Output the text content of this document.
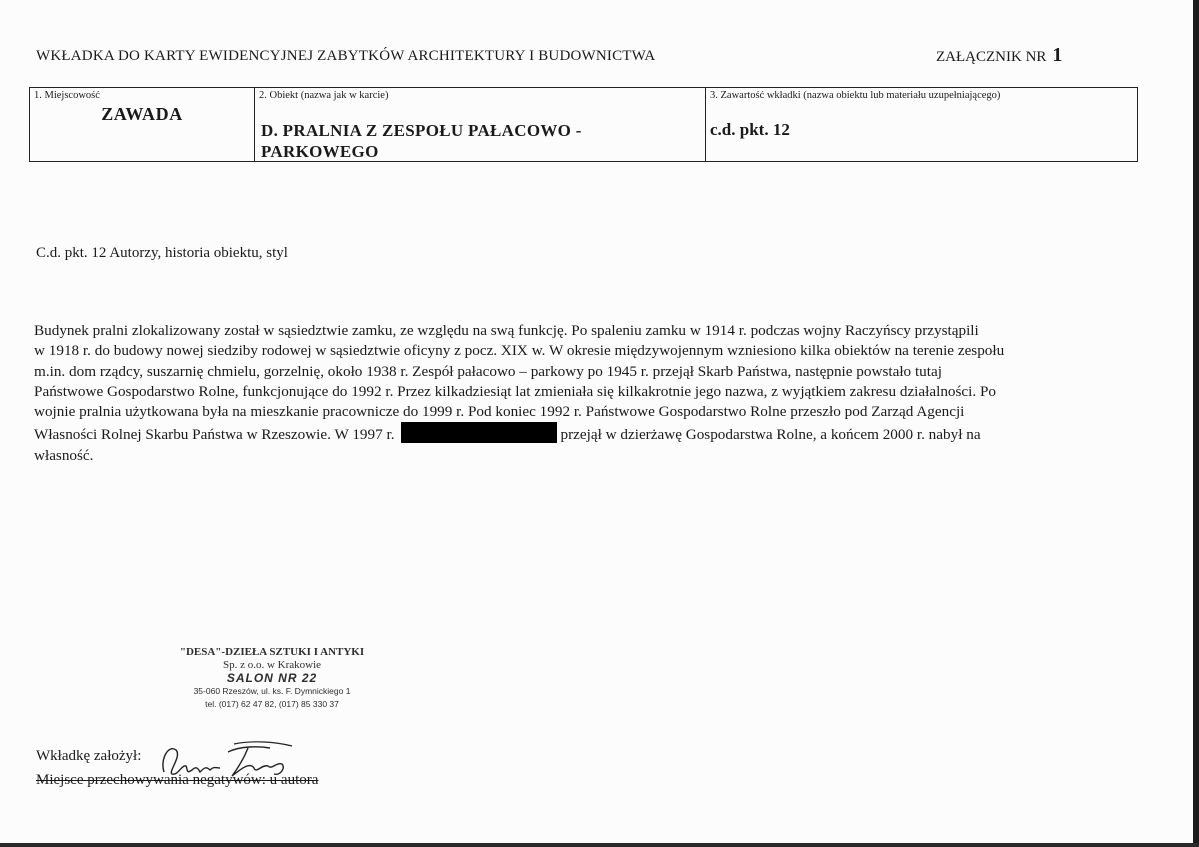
WKŁADKA DO KARTY EWIDENCYJNEJ ZABYTKÓW ARCHITEKTURY I BUDOWNICTWA	ZAŁĄCZNIK NR 1
1. Miejscowość
ZAWADA
2. Obiekt (nazwa jak w karcie)
D. PRALNIA Z ZESPOŁU PAŁACOWO - PARKOWEGO
3. Zawartość wkładki (nazwa obiektu lub materiału uzupełniającego)
c.d. pkt. 12
C.d. pkt. 12 Autorzy, historia obiektu, styl
Budynek pralni zlokalizowany został w sąsiedztwie zamku, ze względu na swą funkcję. Po spaleniu zamku w 1914 r. podczas wojny Raczyńscy przystąpili
w 1918 r. do budowy nowej siedziby rodowej w sąsiedztwie oficyny z pocz. XIX w. W okresie międzywojennym wzniesiono kilka obiektów na terenie zespołu
m.in. dom rządcy, suszarnię chmielu, gorzelnię, około 1938 r. Zespół pałacowo – parkowy po 1945 r. przejął Skarb Państwa, następnie powstało tutaj
Państwowe Gospodarstwo Rolne, funkcjonujące do 1992 r. Przez kilkadziesiąt lat zmieniała się kilkakrotnie jego nazwa, z wyjątkiem zakresu działalności. Po
wojnie pralnia użytkowana była na mieszkanie pracownicze do 1999 r. Pod koniec 1992 r. Państwowe Gospodarstwo Rolne przeszło pod Zarząd Agencji
Własności Rolnej Skarbu Państwa w Rzeszowie. W 1997 r.	przejął w dzierżawę Gospodarstwa Rolne, a końcem 2000 r. nabył na
własność.
"DESA"-DZIEŁA SZTUKI I ANTYKI
Sp. z o.o. w Krakowie
SALON NR 22
35-060 Rzeszów, ul. ks. F. Dymnickiego 1
tel. (017) 62 47 82, (017) 85 330 37
Wkładkę założył:
Miejsce przechowywania negatywów: u autora
